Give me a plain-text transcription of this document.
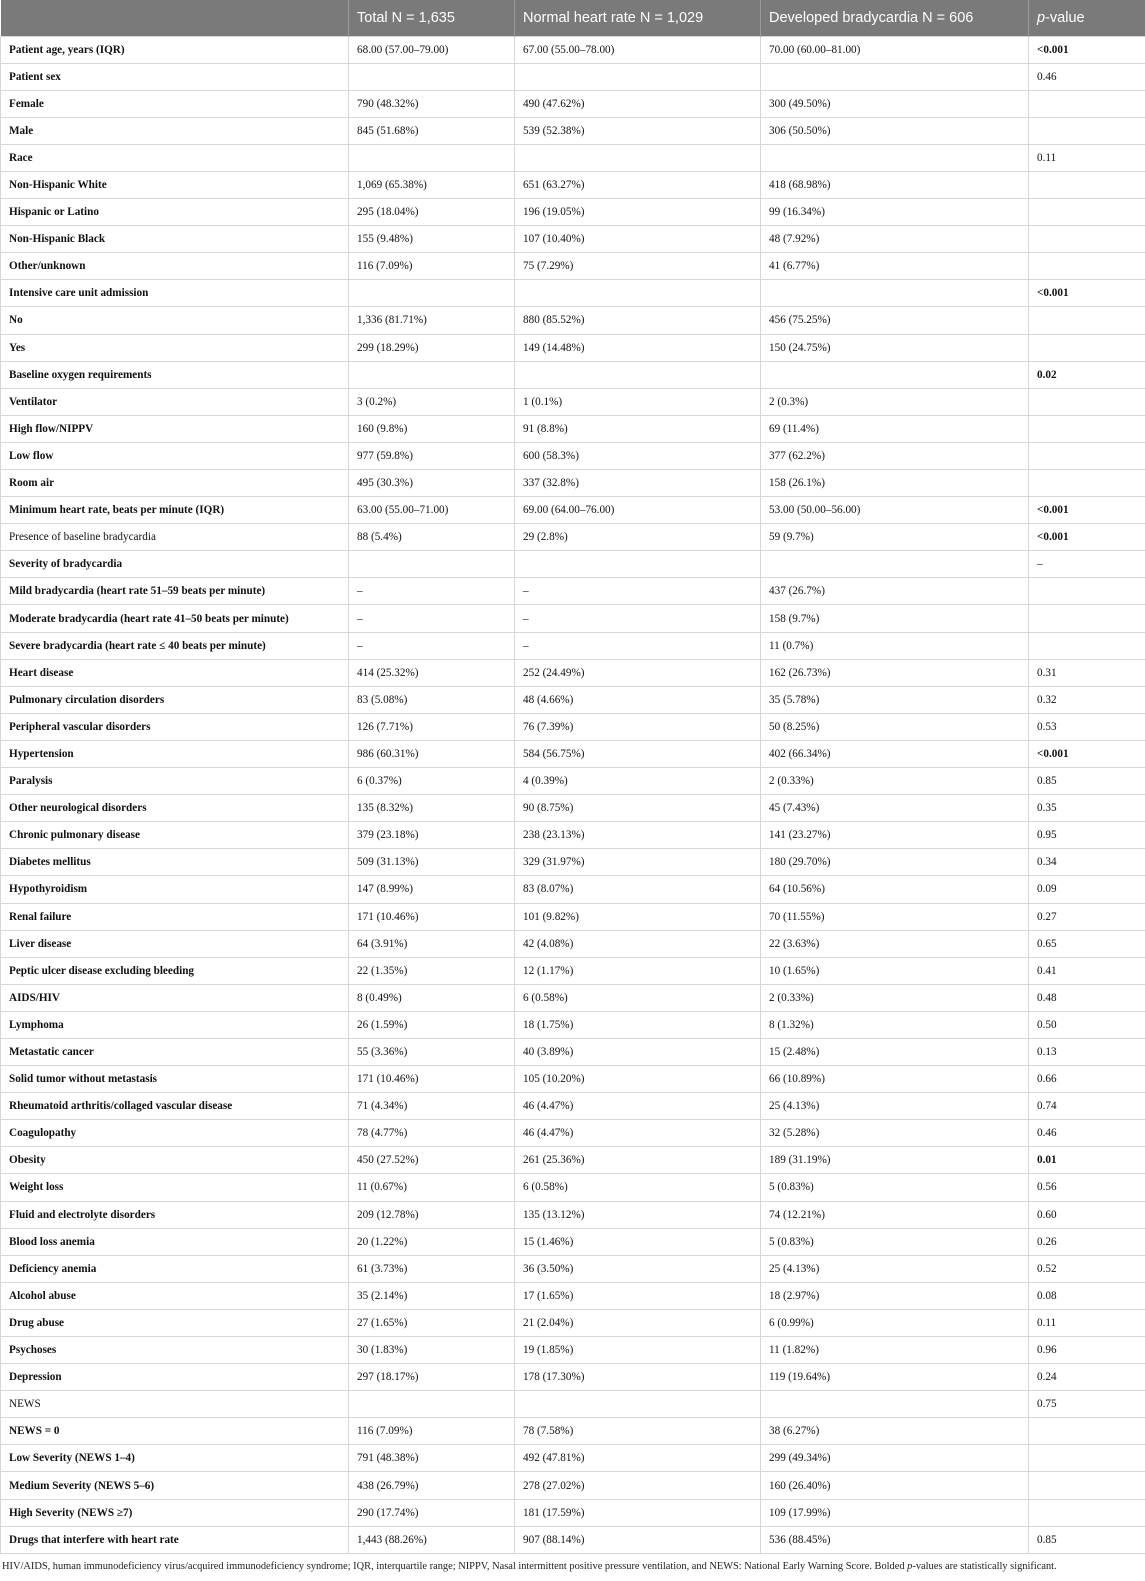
	Total N = 1,635	Normal heart rate N = 1,029	Developed bradycardia N = 606	p-value
Patient age, years (IQR)	68.00 (57.00–79.00)	67.00 (55.00–78.00)	70.00 (60.00–81.00)	<0.001
Patient sex				0.46
Female	790 (48.32%)	490 (47.62%)	300 (49.50%)	
Male	845 (51.68%)	539 (52.38%)	306 (50.50%)	
Race				0.11
Non-Hispanic White	1,069 (65.38%)	651 (63.27%)	418 (68.98%)	
Hispanic or Latino	295 (18.04%)	196 (19.05%)	99 (16.34%)	
Non-Hispanic Black	155 (9.48%)	107 (10.40%)	48 (7.92%)	
Other/unknown	116 (7.09%)	75 (7.29%)	41 (6.77%)	
Intensive care unit admission				<0.001
No	1,336 (81.71%)	880 (85.52%)	456 (75.25%)	
Yes	299 (18.29%)	149 (14.48%)	150 (24.75%)	
Baseline oxygen requirements				0.02
Ventilator	3 (0.2%)	1 (0.1%)	2 (0.3%)	
High flow/NIPPV	160 (9.8%)	91 (8.8%)	69 (11.4%)	
Low flow	977 (59.8%)	600 (58.3%)	377 (62.2%)	
Room air	495 (30.3%)	337 (32.8%)	158 (26.1%)	
Minimum heart rate, beats per minute (IQR)	63.00 (55.00–71.00)	69.00 (64.00–76.00)	53.00 (50.00–56.00)	<0.001
Presence of baseline bradycardia	88 (5.4%)	29 (2.8%)	59 (9.7%)	<0.001
Severity of bradycardia				–
Mild bradycardia (heart rate 51–59 beats per minute)	–	–	437 (26.7%)	
Moderate bradycardia (heart rate 41–50 beats per minute)	–	–	158 (9.7%)	
Severe bradycardia (heart rate ≤ 40 beats per minute)	–	–	11 (0.7%)	
Heart disease	414 (25.32%)	252 (24.49%)	162 (26.73%)	0.31
Pulmonary circulation disorders	83 (5.08%)	48 (4.66%)	35 (5.78%)	0.32
Peripheral vascular disorders	126 (7.71%)	76 (7.39%)	50 (8.25%)	0.53
Hypertension	986 (60.31%)	584 (56.75%)	402 (66.34%)	<0.001
Paralysis	6 (0.37%)	4 (0.39%)	2 (0.33%)	0.85
Other neurological disorders	135 (8.32%)	90 (8.75%)	45 (7.43%)	0.35
Chronic pulmonary disease	379 (23.18%)	238 (23.13%)	141 (23.27%)	0.95
Diabetes mellitus	509 (31.13%)	329 (31.97%)	180 (29.70%)	0.34
Hypothyroidism	147 (8.99%)	83 (8.07%)	64 (10.56%)	0.09
Renal failure	171 (10.46%)	101 (9.82%)	70 (11.55%)	0.27
Liver disease	64 (3.91%)	42 (4.08%)	22 (3.63%)	0.65
Peptic ulcer disease excluding bleeding	22 (1.35%)	12 (1.17%)	10 (1.65%)	0.41
AIDS/HIV	8 (0.49%)	6 (0.58%)	2 (0.33%)	0.48
Lymphoma	26 (1.59%)	18 (1.75%)	8 (1.32%)	0.50
Metastatic cancer	55 (3.36%)	40 (3.89%)	15 (2.48%)	0.13
Solid tumor without metastasis	171 (10.46%)	105 (10.20%)	66 (10.89%)	0.66
Rheumatoid arthritis/collaged vascular disease	71 (4.34%)	46 (4.47%)	25 (4.13%)	0.74
Coagulopathy	78 (4.77%)	46 (4.47%)	32 (5.28%)	0.46
Obesity	450 (27.52%)	261 (25.36%)	189 (31.19%)	0.01
Weight loss	11 (0.67%)	6 (0.58%)	5 (0.83%)	0.56
Fluid and electrolyte disorders	209 (12.78%)	135 (13.12%)	74 (12.21%)	0.60
Blood loss anemia	20 (1.22%)	15 (1.46%)	5 (0.83%)	0.26
Deficiency anemia	61 (3.73%)	36 (3.50%)	25 (4.13%)	0.52
Alcohol abuse	35 (2.14%)	17 (1.65%)	18 (2.97%)	0.08
Drug abuse	27 (1.65%)	21 (2.04%)	6 (0.99%)	0.11
Psychoses	30 (1.83%)	19 (1.85%)	11 (1.82%)	0.96
Depression	297 (18.17%)	178 (17.30%)	119 (19.64%)	0.24
NEWS				0.75
NEWS = 0	116 (7.09%)	78 (7.58%)	38 (6.27%)	
Low Severity (NEWS 1–4)	791 (48.38%)	492 (47.81%)	299 (49.34%)	
Medium Severity (NEWS 5–6)	438 (26.79%)	278 (27.02%)	160 (26.40%)	
High Severity (NEWS ≥7)	290 (17.74%)	181 (17.59%)	109 (17.99%)	
Drugs that interfere with heart rate	1,443 (88.26%)	907 (88.14%)	536 (88.45%)	0.85
HIV/AIDS, human immunodeficiency virus/acquired immunodeficiency syndrome; IQR, interquartile range; NIPPV, Nasal intermittent positive pressure ventilation, and NEWS: National Early Warning Score. Bolded p-values are statistically significant.
